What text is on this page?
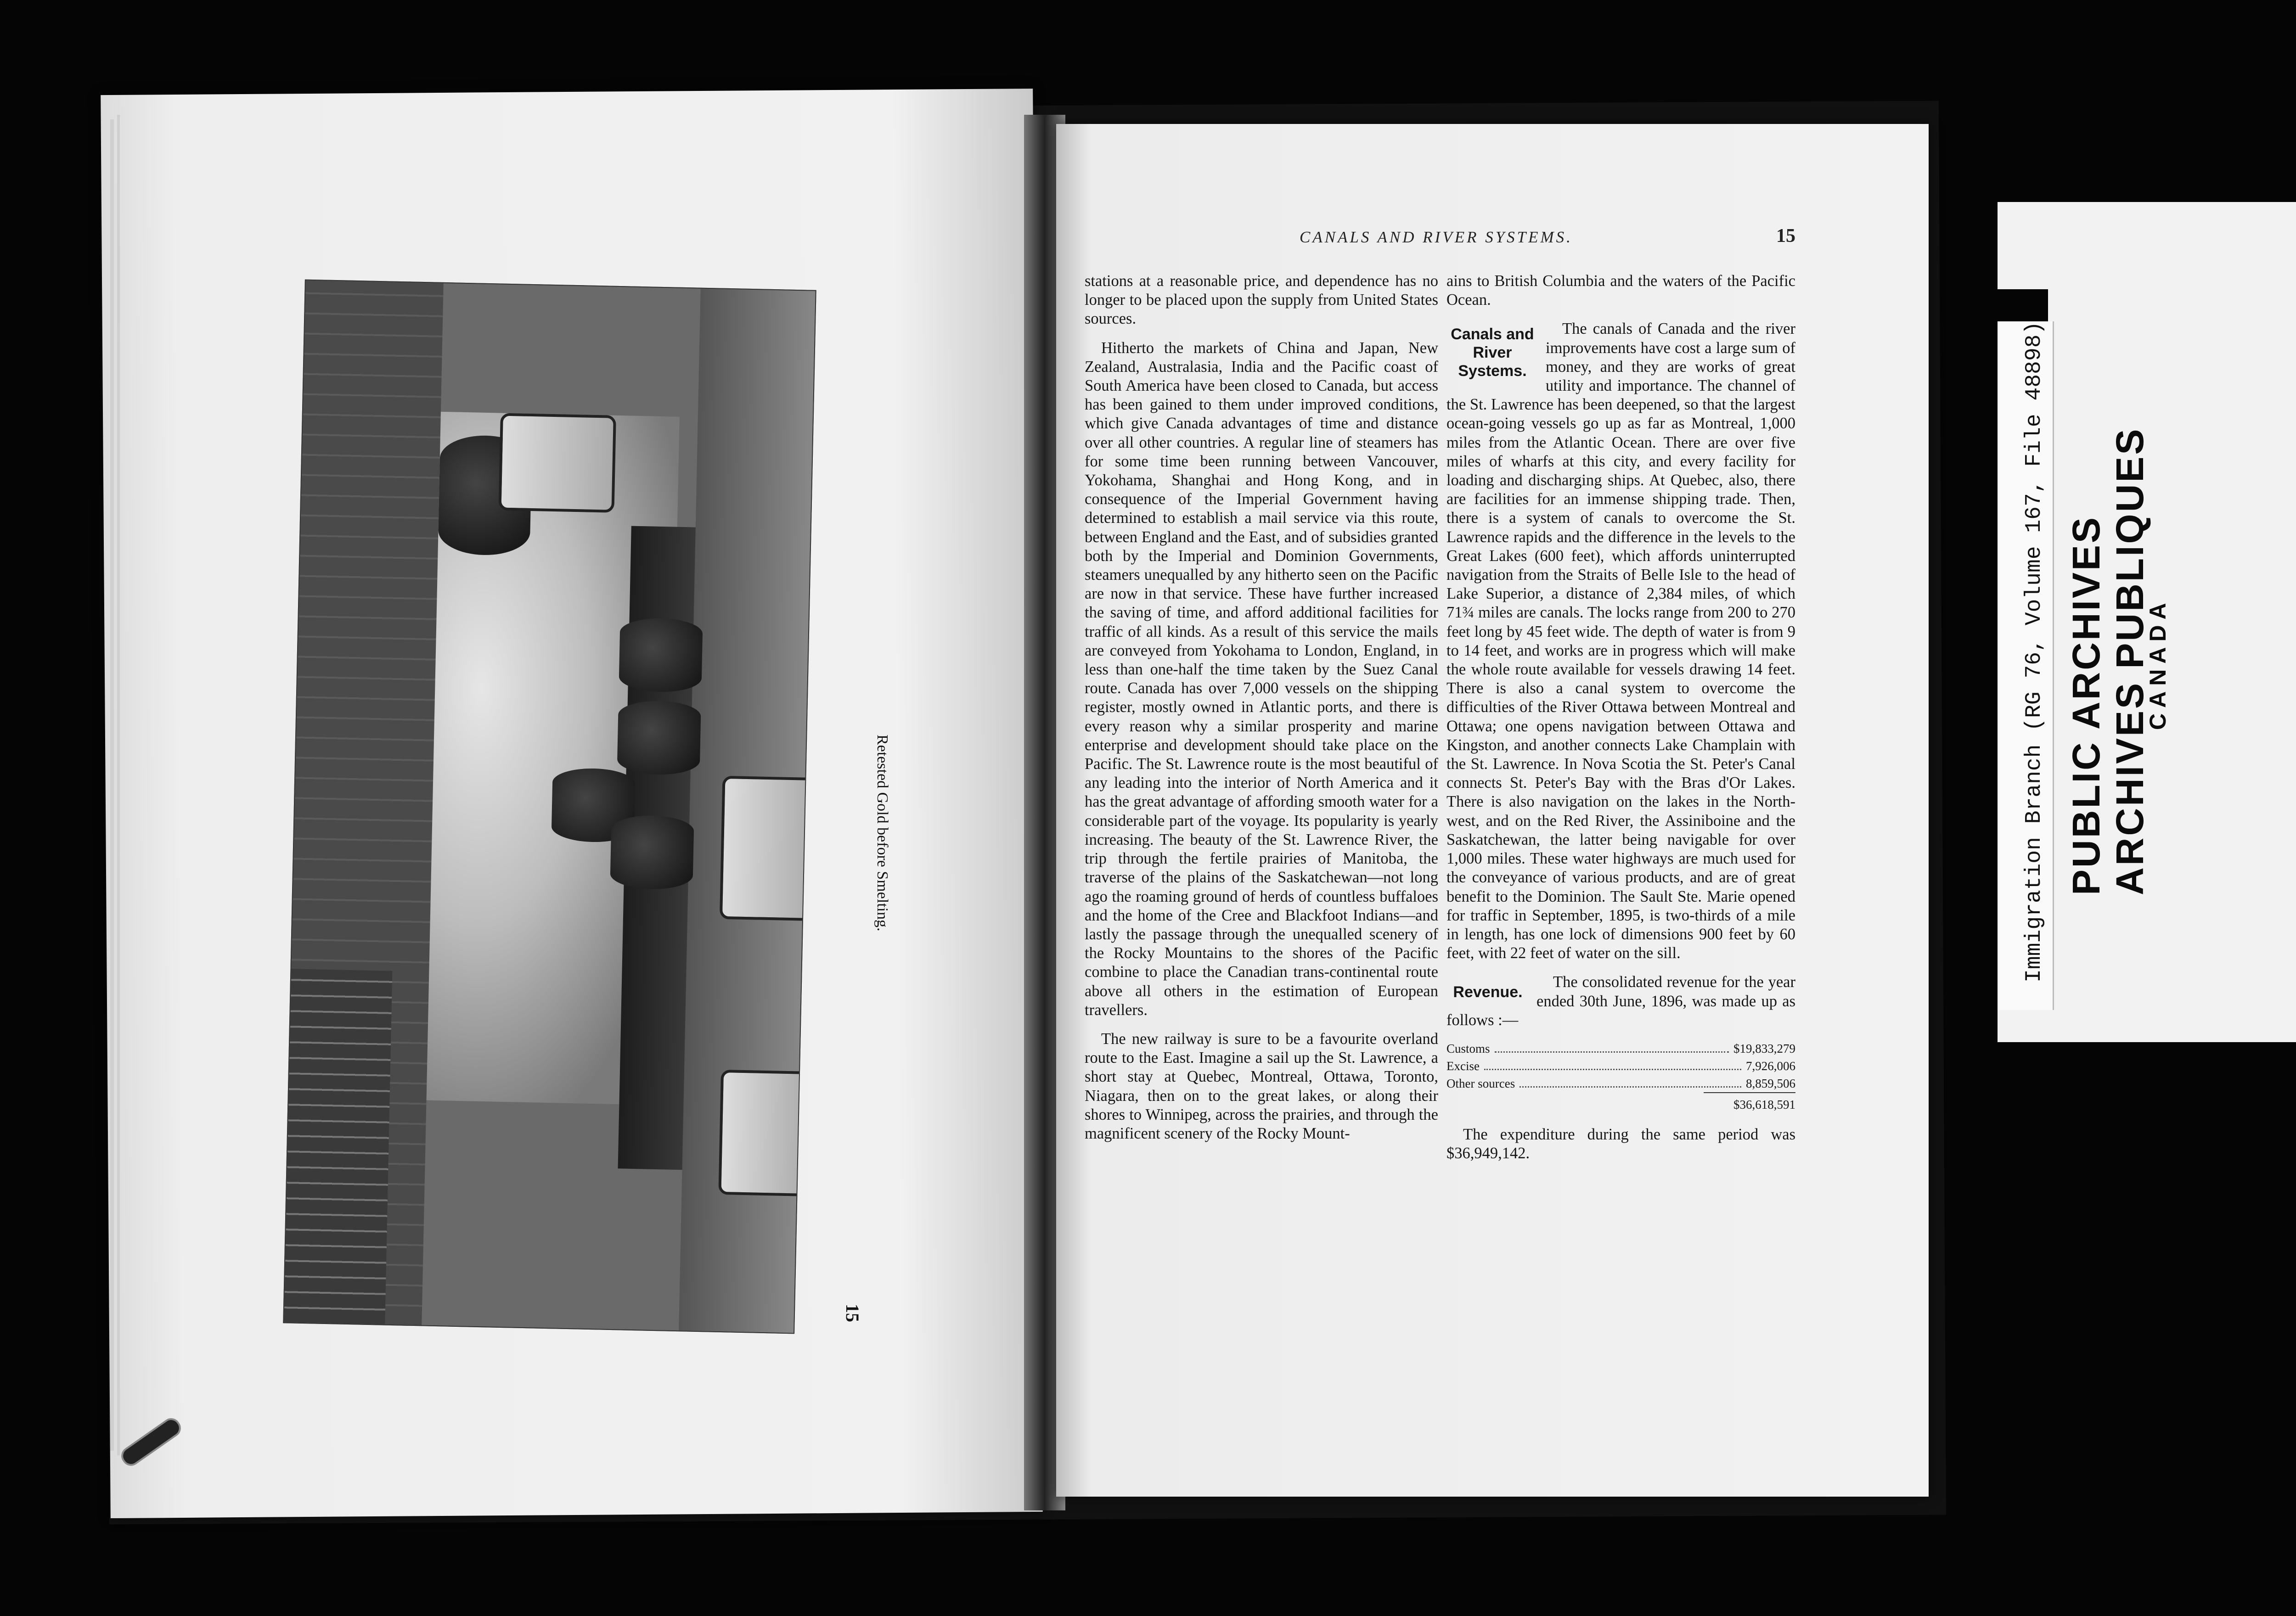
Retested Gold before Smelting.
15
CANALS AND RIVER SYSTEMS.	15

stations at a reasonable price, and dependence has no longer to be placed upon the supply from United States sources.

Hitherto the markets of China and Japan, New Zealand, Australasia, India and the Pacific coast of South America have been closed to Canada, but access has been gained to them under improved conditions, which give Canada advantages of time and distance over all other countries. A regular line of steamers has for some time been running between Vancouver, Yokohama, Shanghai and Hong Kong, and in consequence of the Imperial Government having determined to establish a mail service via this route, between England and the East, and of subsidies granted both by the Imperial and Dominion Governments, steamers unequalled by any hitherto seen on the Pacific are now in that service. These have further increased the saving of time, and afford additional facilities for traffic of all kinds. As a result of this service the mails are conveyed from Yokohama to London, England, in less than one-half the time taken by the Suez Canal route. Canada has over 7,000 vessels on the shipping register, mostly owned in Atlantic ports, and there is every reason why a similar prosperity and marine enterprise and development should take place on the Pacific. The St. Lawrence route is the most beautiful of any leading into the interior of North America and it has the great advantage of affording smooth water for a considerable part of the voyage. Its popularity is yearly increasing. The beauty of the St. Lawrence River, the trip through the fertile prairies of Manitoba, the traverse of the plains of the Saskatchewan—not long ago the roaming ground of herds of countless buffaloes and the home of the Cree and Blackfoot Indians—and lastly the passage through the unequalled scenery of the Rocky Mountains to the shores of the Pacific combine to place the Canadian trans-continental route above all others in the estimation of European travellers.

The new railway is sure to be a favourite overland route to the East. Imagine a sail up the St. Lawrence, a short stay at Quebec, Montreal, Ottawa, Toronto, Niagara, then on to the great lakes, or along their shores to Winnipeg, across the prairies, and through the magnificent scenery of the Rocky Mount-

ains to British Columbia and the waters of the Pacific Ocean.

Canals and River Systems.

The canals of Canada and the river improvements have cost a large sum of money, and they are works of great utility and importance. The channel of the St. Lawrence has been deepened, so that the largest ocean-going vessels go up as far as Montreal, 1,000 miles from the Atlantic Ocean. There are over five miles of wharfs at this city, and every facility for loading and discharging ships. At Quebec, also, there are facilities for an immense shipping trade. Then, there is a system of canals to overcome the St. Lawrence rapids and the difference in the levels to the Great Lakes (600 feet), which affords uninterrupted navigation from the Straits of Belle Isle to the head of Lake Superior, a distance of 2,384 miles, of which 71¾ miles are canals. The locks range from 200 to 270 feet long by 45 feet wide. The depth of water is from 9 to 14 feet, and works are in progress which will make the whole route available for vessels drawing 14 feet. There is also a canal system to overcome the difficulties of the River Ottawa between Montreal and Ottawa; one opens navigation between Ottawa and Kingston, and another connects Lake Champlain with the St. Lawrence. In Nova Scotia the St. Peter's Canal connects St. Peter's Bay with the Bras d'Or Lakes. There is also navigation on the lakes in the North-west, and on the Red River, the Assiniboine and the Saskatchewan, the latter being navigable for over 1,000 miles. These water highways are much used for the conveyance of various products, and are of great benefit to the Dominion. The Sault Ste. Marie opened for traffic in September, 1895, is two-thirds of a mile in length, has one lock of dimensions 900 feet by 60 feet, with 22 feet of water on the sill.

Revenue.

The consolidated revenue for the year ended 30th June, 1896, was made up as follows :—

Customs	$19,833,279
Excise	7,926,006
Other sources	8,859,506
$36,618,591

The expenditure during the same period was $36,949,142.

Immigration Branch (RG 76, Volume 167, File 48898) PUBLIC ARCHIVES ARCHIVES PUBLIQUES
CANADA
